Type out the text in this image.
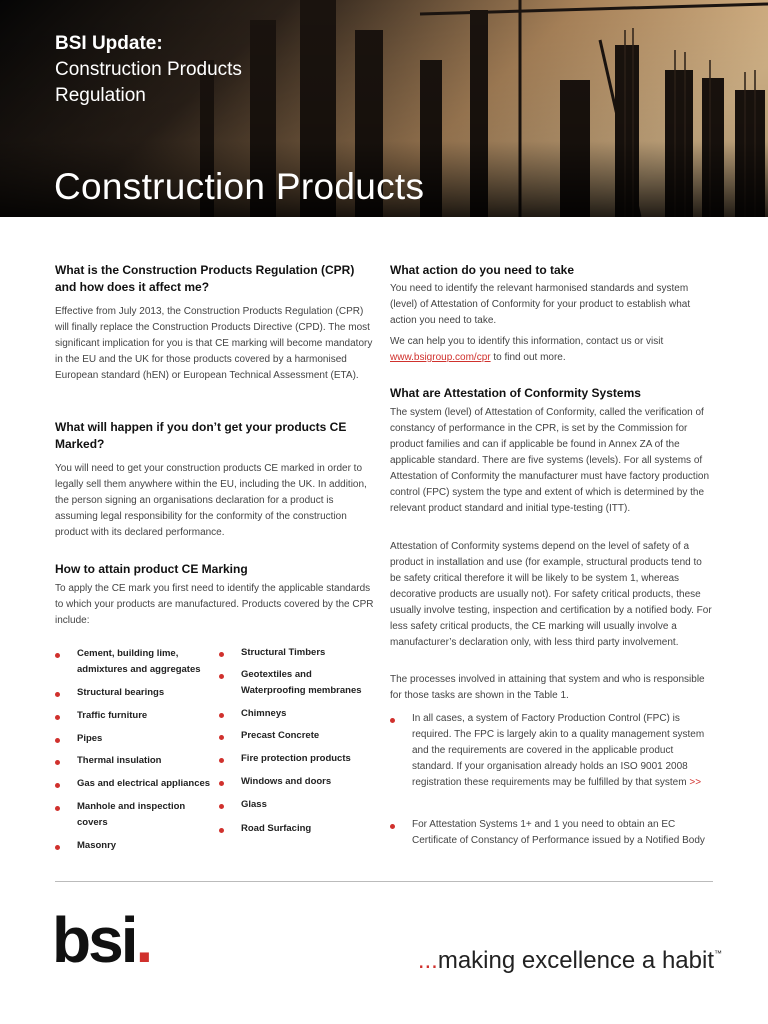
BSI Update:
Construction Products
Regulation
Construction Products
What is the Construction Products Regulation (CPR)
and how does it affect me?

Effective from July 2013, the Construction Products Regulation (CPR) will finally replace the Construction Products Directive (CPD). The most significant implication for you is that CE marking will become mandatory in the EU and the UK for those products covered by a harmonised European standard (hEN) or European Technical Assessment (ETA).

What will happen if you don’t get your products CE
Marked?

You will need to get your construction products CE marked in order to legally sell them anywhere within the EU, including the UK. In addition, the person signing an organisations declaration for a product is assuming legal responsibility for the conformity of the construction product with its declared performance.

How to attain product CE Marking

To apply the CE mark you first need to identify the applicable standards to which your products are manufactured. Products covered by the CPR include:

Cement, building lime, admixtures and aggregates
Structural bearings
Traffic furniture
Pipes
Thermal insulation
Gas and electrical appliances
Manhole and inspection covers
Masonry
Structural Timbers
Geotextiles and Waterproofing membranes
Chimneys
Precast Concrete
Fire protection products
Windows and doors
Glass
Road Surfacing
What action do you need to take

You need to identify the relevant harmonised standards and system (level) of Attestation of Conformity for your product to establish what action you need to take.

We can help you to identify this information, contact us or visit
www.bsigroup.com/cpr to find out more.

What are Attestation of Conformity Systems

The system (level) of Attestation of Conformity, called the verification of constancy of performance in the CPR, is set by the Commission for product families and can if applicable be found in Annex ZA of the applicable standard. There are five systems (levels). For all systems of Attestation of Conformity the manufacturer must have factory production control (FPC) system the type and extent of which is determined by the relevant product standard and initial type-testing (ITT).

Attestation of Conformity systems depend on the level of safety of a product in installation and use (for example, structural products tend to be safety critical therefore it will be likely to be system 1, whereas decorative products are usually not). For safety critical products, these usually involve testing, inspection and certification by a notified body. For less safety critical products, the CE marking will usually involve a manufacturer’s declaration only, with less third party involvement.

The processes involved in attaining that system and who is responsible for those tasks are shown in the Table 1.

In all cases, a system of Factory Production Control (FPC) is required. The FPC is largely akin to a quality management system and the requirements are covered in the applicable product standard. If your organisation already holds an ISO 9001 2008 registration these requirements may be fulfilled by that system >>

For Attestation Systems 1+ and 1 you need to obtain an EC Certificate of Constancy of Performance issued by a Notified Body

bsi.	...making excellence a habit™
